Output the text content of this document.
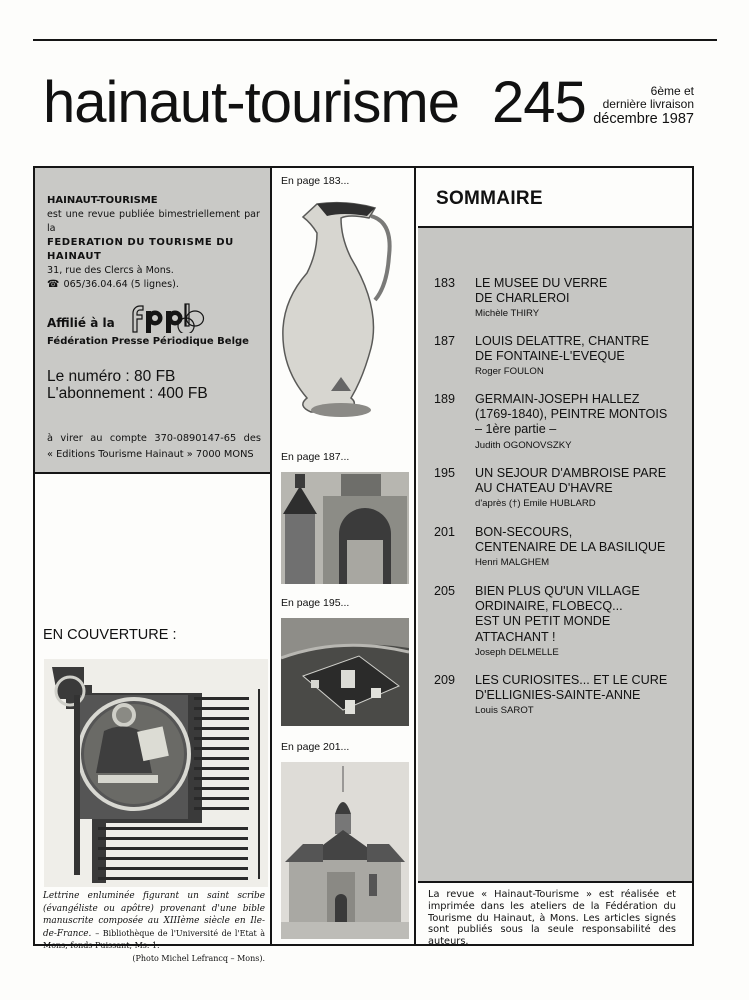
hainaut-tourisme 245	6ème et
dernière livraison
décembre 1987
HAINAUT-TOURISME
est une revue publiée bimestriellement par la
FEDERATION DU TOURISME DU HAINAUT
31, rue des Clercs à Mons.
☎ 065/36.04.64 (5 lignes).
Affilié à la
Fédération Presse Périodique Belge
Le numéro : 80 FB
L'abonnement : 400 FB
à virer au compte 370-0890147-65 des
« Editions Tourisme Hainaut » 7000 MONS
EN COUVERTURE :
Lettrine enluminée figurant un saint scribe (évangéliste ou apôtre) provenant d'une bible manuscrite composée au XIIIème siècle en Ile-de-France. – Bibliothèque de l'Université de l'Etat à Mons, fonds Puissant, Ms. 1.
(Photo Michel Lefrancq – Mons).
En page 183...
En page 187...
En page 195...
En page 201...
SOMMAIRE
183 LE MUSEE DU VERRE
DE CHARLEROI
Michèle THIRY
187 LOUIS DELATTRE, CHANTRE
DE FONTAINE-L'EVEQUE
Roger FOULON
189 GERMAIN-JOSEPH HALLEZ
(1769-1840), PEINTRE MONTOIS
– 1ère partie –
Judith OGONOVSZKY
195 UN SEJOUR D'AMBROISE PARE
AU CHATEAU D'HAVRE
d'après (†) Emile HUBLARD
201 BON-SECOURS,
CENTENAIRE DE LA BASILIQUE
Henri MALGHEM
205 BIEN PLUS QU'UN VILLAGE
ORDINAIRE, FLOBECQ...
EST UN PETIT MONDE
ATTACHANT !
Joseph DELMELLE
209 LES CURIOSITES... ET LE CURE
D'ELLIGNIES-SAINTE-ANNE
Louis SAROT
La revue « Hainaut-Tourisme » est réalisée et
imprimée dans les ateliers de la Fédération du
Tourisme du Hainaut, à Mons. Les articles signés
sont publiés sous la seule responsabilité des
auteurs.
